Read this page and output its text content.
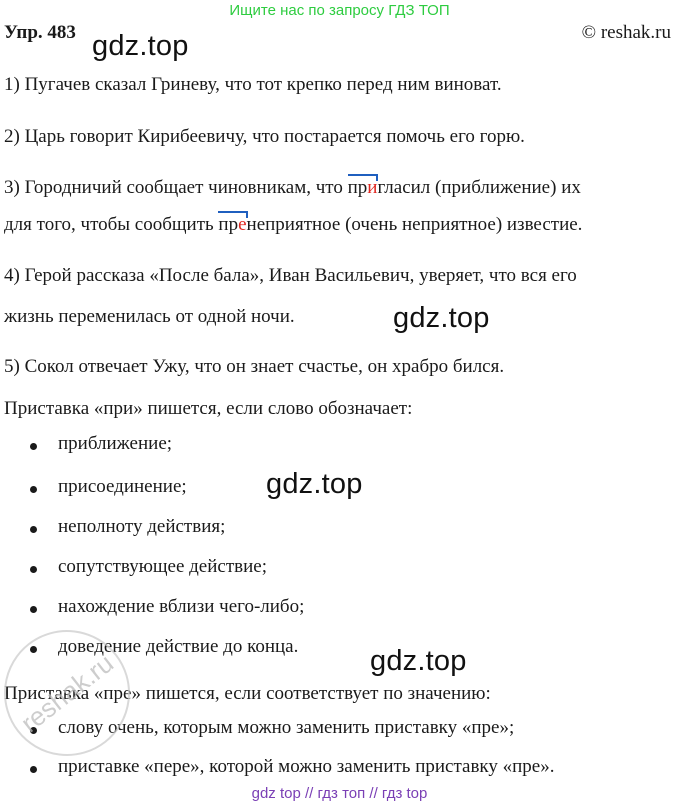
Ищите нас по запросу ГДЗ ТОП
Упр. 483	© reshak.ru
gdz.top
1) Пугачев сказал Гриневу, что тот крепко перед ним виноват.
2) Царь говорит Кирибеевичу, что постарается помочь его горю.
3) Городничий сообщает чиновникам, что пригласил (приближение) их
для того, чтобы сообщить пренеприятное (очень неприятное) известие.
4) Герой рассказа «После бала», Иван Васильевич, уверяет, что вся его
жизнь переменилась от одной ночи.	gdz.top
5) Сокол отвечает Ужу, что он знает счастье, он храбро бился.
Приставка «при» пишется, если слово обозначает:
приближение;
присоединение;	gdz.top
неполноту действия;
сопутствующее действие;
нахождение вблизи чего-либо;
доведение действие до конца. gdz.top
Приставка «пре» пишется, если соответствует по значению:
слову очень, которым можно заменить приставку «пре»;
приставке «пере», которой можно заменить приставку «пре».
reshak.ru
gdz top // гдз топ // гдз top
